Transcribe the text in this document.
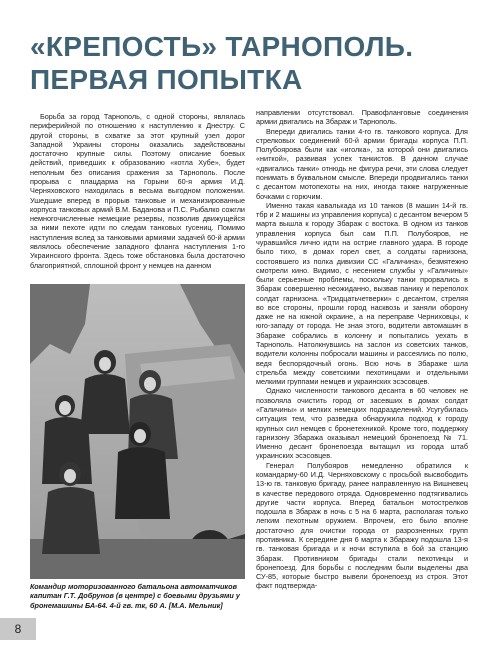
«КРЕПОСТЬ» ТАРНОПОЛЬ.
ПЕРВАЯ ПОПЫТКА

Борьба за город Тарнополь, с одной стороны, являлась периферийной по отношению к наступлению к Днестру. С другой стороны, в схватке за этот крупный узел дорог Западной Украины стороны оказались задействованы достаточно крупные силы. Поэтому описание боевых действий, приведших к образованию «котла Хубе», будет неполным без описания сражения за Тарнополь. После прорыва с плацдарма на Горыни 60-я армия И.Д. Черняховского находилась в весьма выгодном положении. Ушедшие вперед в прорыв танковые и механизированные корпуса танковых армий В.М. Баданова и П.С. Рыбалко сожгли немногочисленные немецкие резервы, позволив движущейся за ними пехоте идти по следам танковых гусениц. Помимо наступления вслед за танковыми армиями задачей 60-й армии являлось обеспечение западного фланга наступления 1-го Украинского фронта. Здесь тоже обстановка была достаточно благоприятной, сплошной фронт у немцев на данном

Командир моторизованного батальона автоматчиков капитан Г.Т. Добрунов (в центре) с боевыми друзьями у бронемашины БА-64. 4-й гв. тк, 60 А. [М.А. Мельник]

направлении отсутствовал. Правофланговые соединения армии двигались на Збараж и Тарнополь.

Впереди двигались танки 4-го гв. танкового корпуса. Для стрелковых соединений 60-й армии бригады корпуса П.П. Полубоярова были как «иголка», за которой они двигались «ниткой», развивая успех танкистов. В данном случае «двигались танки» отнюдь не фигура речи, эти слова следует понимать в буквальном смысле. Впереди продвигались танки с десантом мотопехоты на них, иногда также нагруженные бочками с горючим.

Именно такая кавалькада из 10 танков (8 машин 14-й гв. тбр и 2 машины из управления корпуса) с десантом вечером 5 марта вышла к городу Збараж с востока. В одном из танков управления корпуса был сам П.П. Полубояров, не чуравшийся лично идти на острие главного удара. В городе было тихо, в домах горел свет, а солдаты гарнизона, состоявшего из полка дивизии СС «Галичина», безмятежно смотрели кино. Видимо, с несением службы у «Галичины» были серьезные проблемы, поскольку танки прорвались в Збараж совершенно неожиданно, вызвав панику и переполох солдат гарнизона. «Тридцатьчетверки» с десантом, стреляя во все стороны, прошли город насквозь и заняли оборону даже не на южной окраине, а на переправе Черниховцы, к юго-западу от города. Не зная этого, водители автомашин в Збараже собрались в колонну и попытались уехать в Тарнополь. Натолкнувшись на заслон из советских танков, водители колонны побросали машины и рассеялись по полю, ведя беспорядочный огонь. Всю ночь в Збараже шла стрельба между советскими пехотинцами и отдельными мелкими группами немцев и украинских эсэсовцев.

Однако численности танкового десанта в 60 человек не позволяла очистить город от засевших в домах солдат «Галичины» и мелких немецких подразделений. Усугубилась ситуация тем, что разведка обнаружила подход к городу крупных сил немцев с бронетехникой. Кроме того, поддержку гарнизону Збаража оказывал немецкий бронепоезд № 71. Именно десант бронепоезда вытащил из города штаб украинских эсэсовцев.

Генерал Полубояров немедленно обратился к командарму-60 И.Д. Черняховскому с просьбой высвободить 13-ю гв. танковую бригаду, ранее направленную на Вишневец в качестве передового отряда. Одновременно подтягивались другие части корпуса. Вперед батальон мотострелков подошла в Збараж в ночь с 5 на 6 марта, располагая только легким пехотным оружием. Впрочем, его было вполне достаточно для очистки города от разрозненных групп противника. К середине дня 6 марта к Збаражу подошла 13-я гв. танковая бригада и к ночи вступила в бой за станцию Збараж. Противником бригады стали пехотинцы и бронепоезд. Для борьбы с последним были выделены два СУ-85, которые быстро вывели бронепоезд из строя. Этот факт подтвержда-

8
